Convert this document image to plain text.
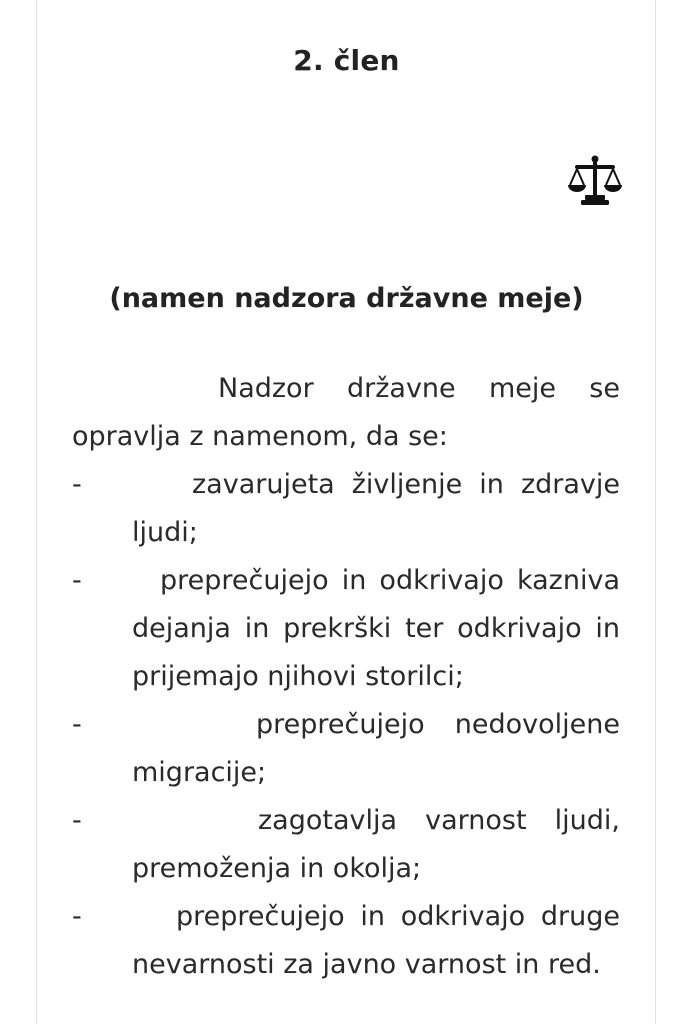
2. člen
(namen nadzora državne meje)

Nadzor državne meje se opravlja z namenom, da se:

-	zavarujeta življenje in zdravje ljudi;
-	preprečujejo in odkrivajo kazniva dejanja in prekrški ter odkrivajo in prijemajo njihovi storilci;
-	preprečujejo nedovoljene migracije;
-	zagotavlja varnost ljudi, premoženja in okolja;
-	preprečujejo in odkrivajo druge nevarnosti za javno varnost in red.
